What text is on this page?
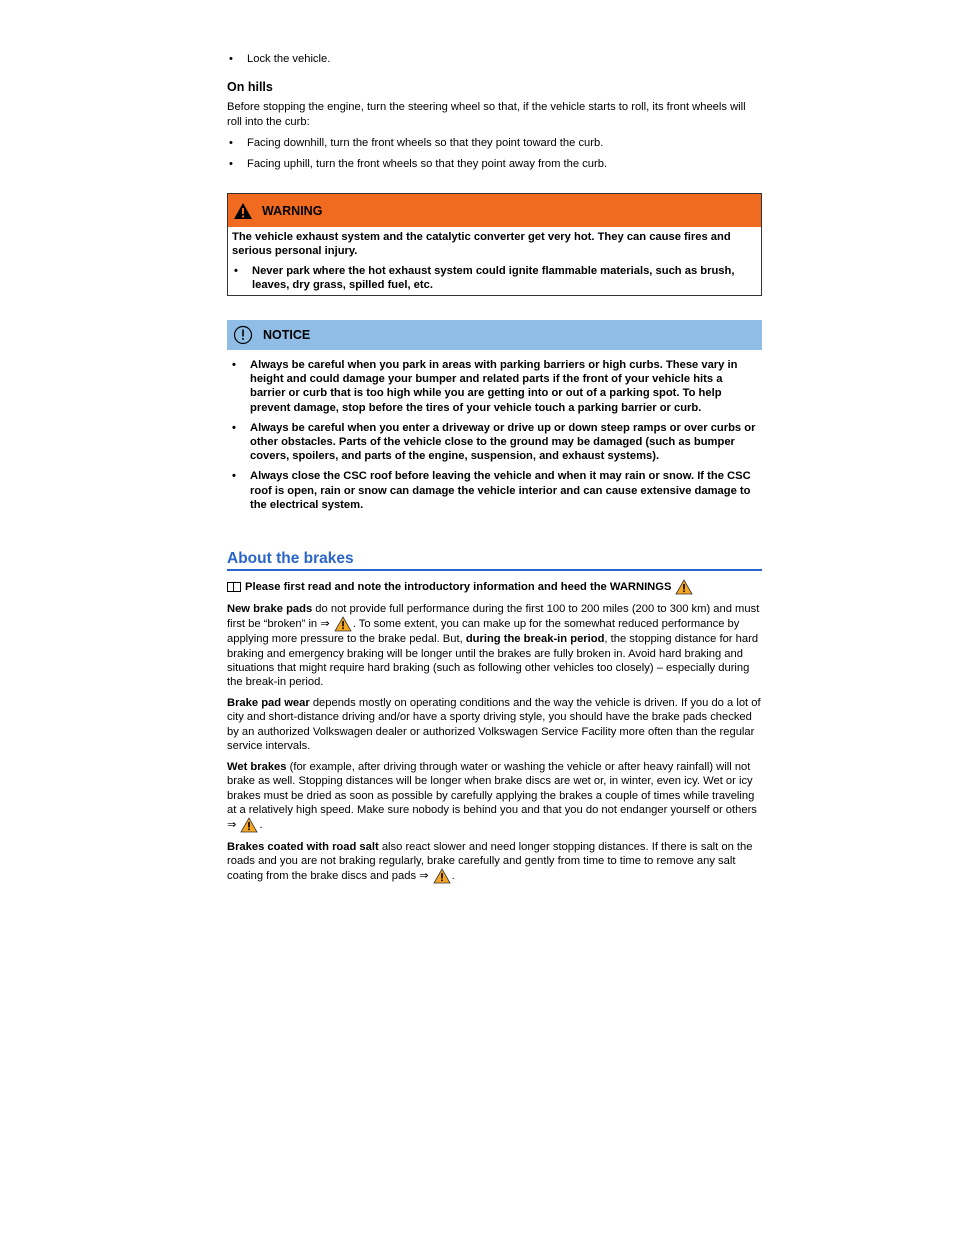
•	Lock the vehicle.
On hills

Before stopping the engine, turn the steering wheel so that, if the vehicle starts to roll, its front wheels will roll into the curb:

•	Facing downhill, turn the front wheels so that they point toward the curb.
•	Facing uphill, turn the front wheels so that they point away from the curb.
WARNING

The vehicle exhaust system and the catalytic converter get very hot. They can cause fires and serious personal injury.

•	Never park where the hot exhaust system could ignite flammable materials, such as brush, leaves, dry grass, spilled fuel, etc.
NOTICE
•	Always be careful when you park in areas with parking barriers or high curbs. These vary in height and could damage your bumper and related parts if the front of your vehicle hits a barrier or curb that is too high while you are getting into or out of a parking spot. To help prevent damage, stop before the tires of your vehicle touch a parking barrier or curb.
•	Always be careful when you enter a driveway or drive up or down steep ramps or over curbs or other obstacles. Parts of the vehicle close to the ground may be damaged (such as bumper covers, spoilers, and parts of the engine, suspension, and exhaust systems).
•	Always close the CSC roof before leaving the vehicle and when it may rain or snow. If the CSC roof is open, rain or snow can damage the vehicle interior and can cause extensive damage to the electrical system.
About the brakes
Please first read and note the introductory information and heed the WARNINGS

New brake pads do not provide full performance during the first 100 to 200 miles (200 to 300 km) and must first be “broken” in ⇒ . To some extent, you can make up for the somewhat reduced performance by applying more pressure to the brake pedal. But, during the break-in period, the stopping distance for hard braking and emergency braking will be longer until the brakes are fully broken in. Avoid hard braking and situations that might require hard braking (such as following other vehicles too closely) – especially during the break-in period.

Brake pad wear depends mostly on operating conditions and the way the vehicle is driven. If you do a lot of city and short-distance driving and/or have a sporty driving style, you should have the brake pads checked by an authorized Volkswagen dealer or authorized Volkswagen Service Facility more often than the regular service intervals.

Wet brakes (for example, after driving through water or washing the vehicle or after heavy rainfall) will not brake as well. Stopping distances will be longer when brake discs are wet or, in winter, even icy. Wet or icy brakes must be dried as soon as possible by carefully applying the brakes a couple of times while traveling at a relatively high speed. Make sure nobody is behind you and that you do not endanger yourself or others ⇒ .

Brakes coated with road salt also react slower and need longer stopping distances. If there is salt on the roads and you are not braking regularly, brake carefully and gently from time to time to remove any salt coating from the brake discs and pads ⇒ .
